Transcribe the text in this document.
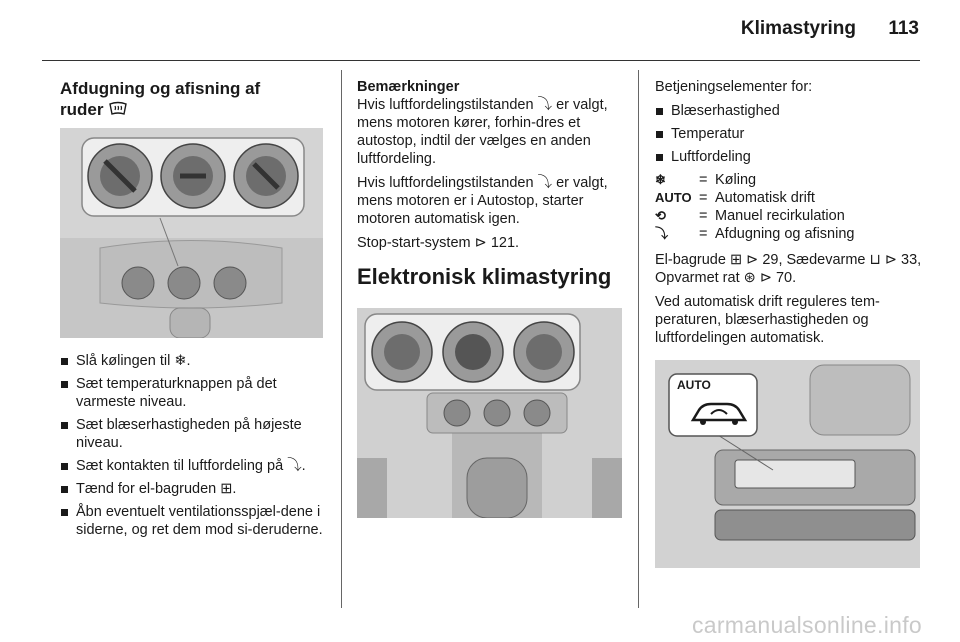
Klimastyring 113
Afdugning og afisning af
ruder
Slå kølingen til ❄.
Sæt temperaturknappen på det varmeste niveau.
Sæt blæserhastigheden på højeste niveau.
Sæt kontakten til luftfordeling på ⤵.
Tænd for el-bagruden ⊞.
Åbn eventuelt ventilationsspjæl-dene i siderne, og ret dem mod si-deruderne.

Bemærkninger

Hvis luftfordelingstilstanden ⤵ er valgt, mens motoren kører, forhin-dres et autostop, indtil der vælges en anden luftfordeling.

Hvis luftfordelingstilstanden ⤵ er valgt, mens motoren er i Autostop, starter motoren automatisk igen.

Stop-start-system ⊳ 121.

Elektronisk klimastyring

Betjeningselementer for:

Blæserhastighed
Temperatur
Luftfordeling
❄	= Køling
AUTO = Automatisk drift
⟲	= Manuel recirkulation
⤵	= Afdugning og afisning

El-bagrude ⊞ ⊳ 29, Sædevarme ⊔ ⊳ 33, Opvarmet rat ⊛ ⊳ 70.

Ved automatisk drift reguleres tem-peraturen, blæserhastigheden og luftfordelingen automatisk.

AUTO
carmanualsonline.info
